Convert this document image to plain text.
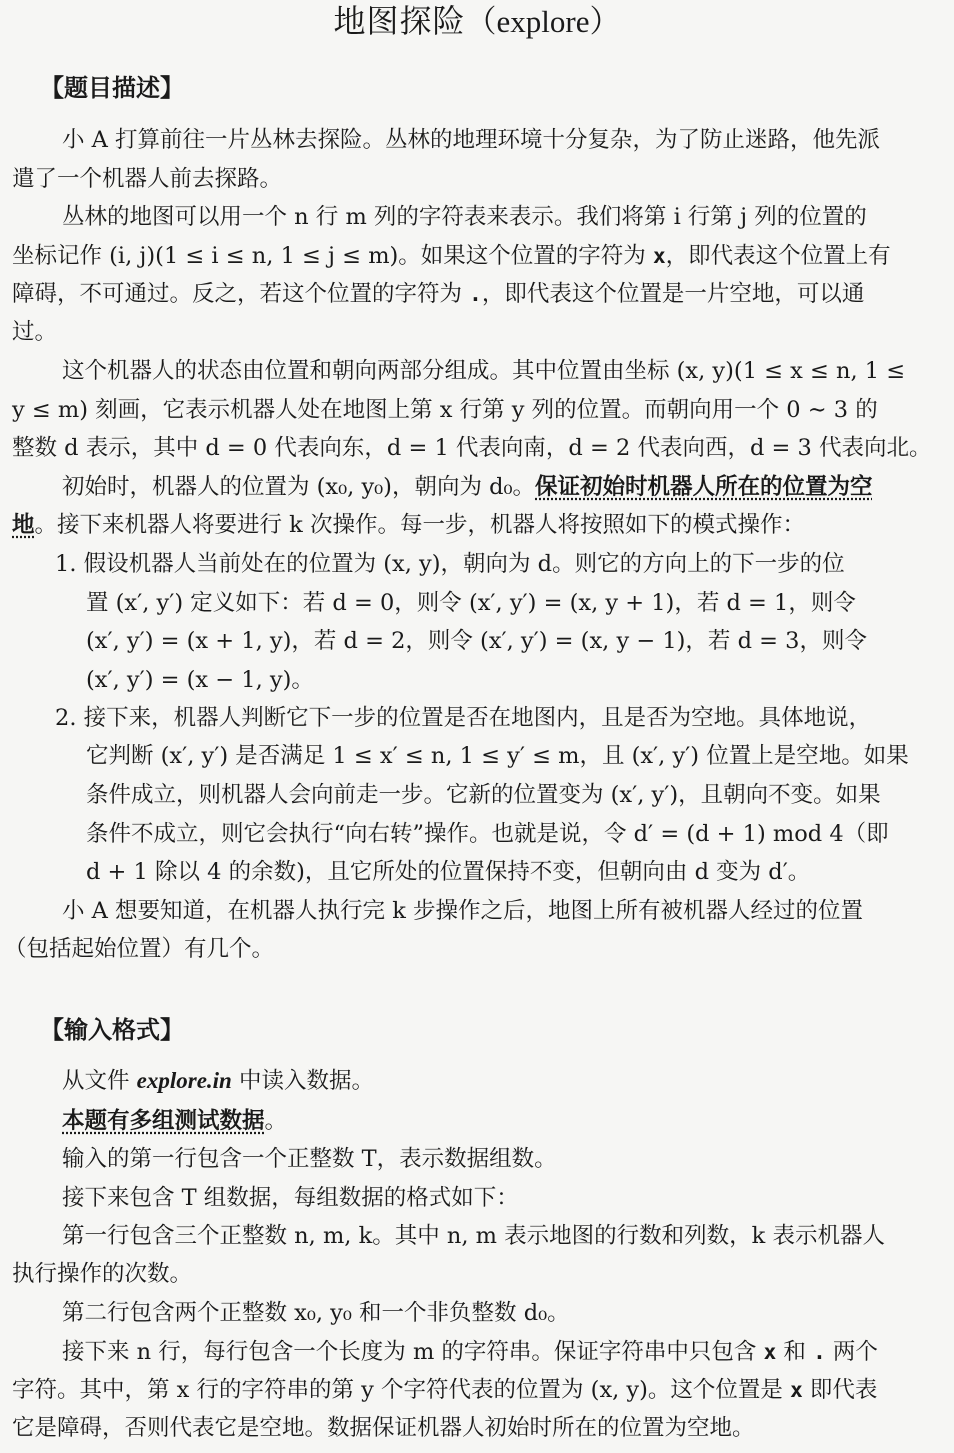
地图探险（explore）
【题目描述】
小 A 打算前往一片丛林去探险。丛林的地理环境十分复杂，为了防止迷路，他先派
遣了一个机器人前去探路。
丛林的地图可以用一个 n 行 m 列的字符表来表示。我们将第 i 行第 j 列的位置的
坐标记作 (i, j)(1 ≤ i ≤ n, 1 ≤ j ≤ m)。如果这个位置的字符为 x，即代表这个位置上有
障碍，不可通过。反之，若这个位置的字符为 .，即代表这个位置是一片空地，可以通
过。
这个机器人的状态由位置和朝向两部分组成。其中位置由坐标 (x, y)(1 ≤ x ≤ n, 1 ≤
y ≤ m) 刻画，它表示机器人处在地图上第 x 行第 y 列的位置。而朝向用一个 0 ∼ 3 的
整数 d 表示，其中 d = 0 代表向东，d = 1 代表向南，d = 2 代表向西，d = 3 代表向北。
初始时，机器人的位置为 (x₀, y₀)，朝向为 d₀。保证初始时机器人所在的位置为空
地。接下来机器人将要进行 k 次操作。每一步，机器人将按照如下的模式操作：
1. 假设机器人当前处在的位置为 (x, y)，朝向为 d。则它的方向上的下一步的位
置 (x′, y′) 定义如下：若 d = 0，则令 (x′, y′) = (x, y + 1)，若 d = 1，则令
(x′, y′) = (x + 1, y)，若 d = 2，则令 (x′, y′) = (x, y − 1)，若 d = 3，则令
(x′, y′) = (x − 1, y)。
2. 接下来，机器人判断它下一步的位置是否在地图内，且是否为空地。具体地说，
它判断 (x′, y′) 是否满足 1 ≤ x′ ≤ n, 1 ≤ y′ ≤ m，且 (x′, y′) 位置上是空地。如果
条件成立，则机器人会向前走一步。它新的位置变为 (x′, y′)，且朝向不变。如果
条件不成立，则它会执行“向右转”操作。也就是说，令 d′ = (d + 1) mod 4（即
d + 1 除以 4 的余数)，且它所处的位置保持不变，但朝向由 d 变为 d′。
小 A 想要知道，在机器人执行完 k 步操作之后，地图上所有被机器人经过的位置
（包括起始位置）有几个。
【输入格式】
从文件 explore.in 中读入数据。
本题有多组测试数据。
输入的第一行包含一个正整数 T，表示数据组数。
接下来包含 T 组数据，每组数据的格式如下：
第一行包含三个正整数 n, m, k。其中 n, m 表示地图的行数和列数，k 表示机器人
执行操作的次数。
第二行包含两个正整数 x₀, y₀ 和一个非负整数 d₀。
接下来 n 行，每行包含一个长度为 m 的字符串。保证字符串中只包含 x 和 . 两个
字符。其中，第 x 行的字符串的第 y 个字符代表的位置为 (x, y)。这个位置是 x 即代表
它是障碍，否则代表它是空地。数据保证机器人初始时所在的位置为空地。
